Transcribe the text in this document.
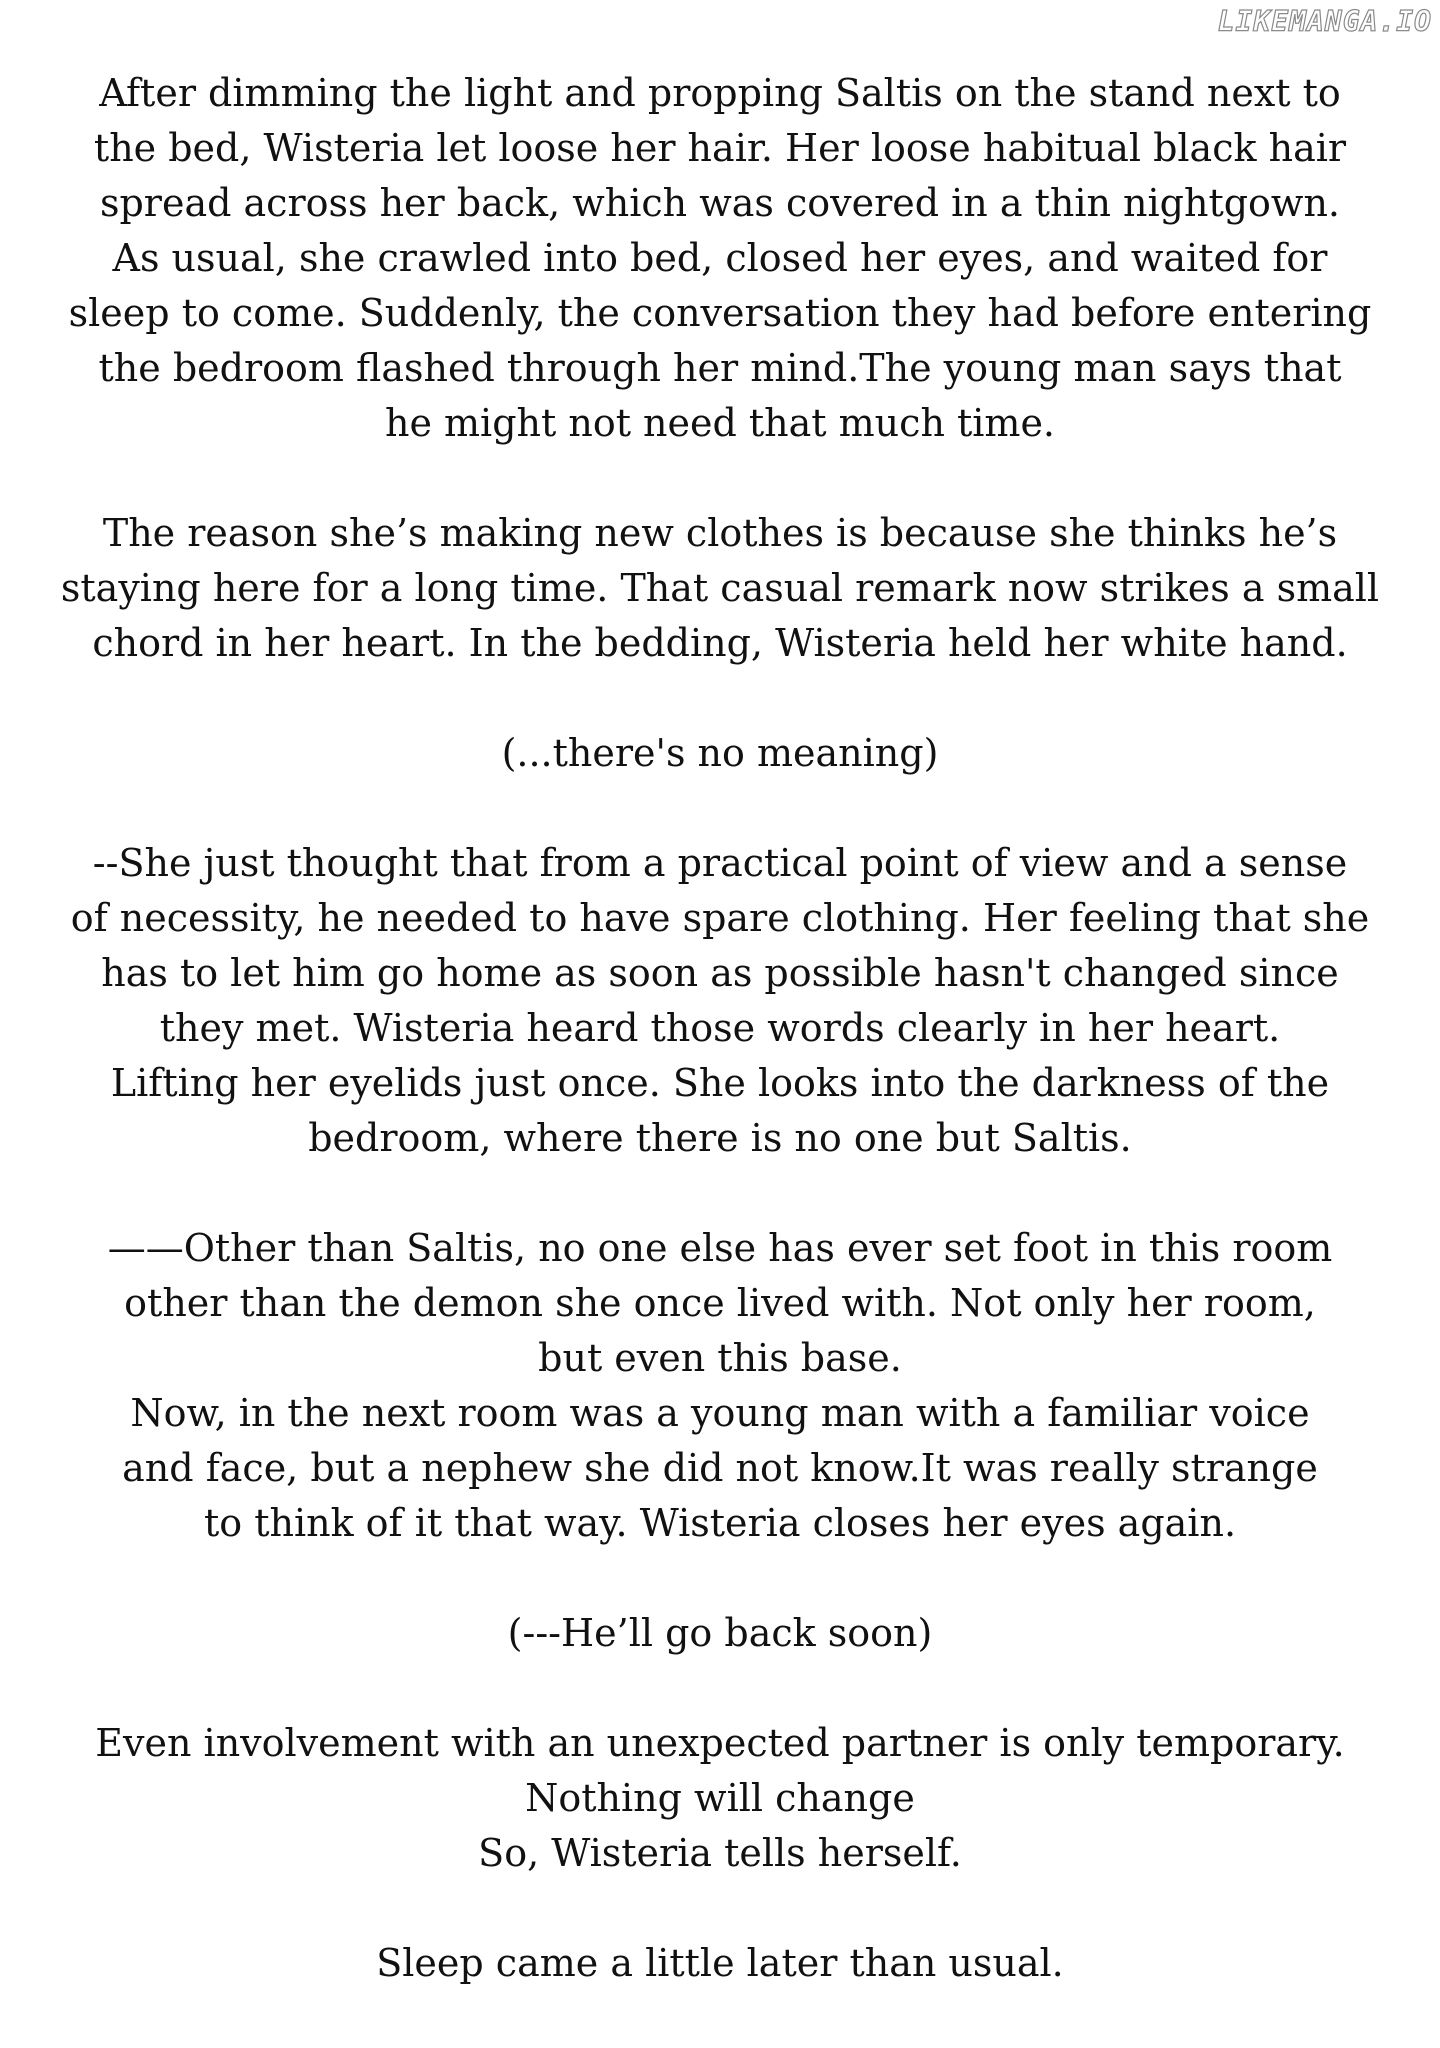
LIKEMANGA.IO

After dimming the light and propping Saltis on the stand next to
the bed, Wisteria let loose her hair. Her loose habitual black hair
spread across her back, which was covered in a thin nightgown.
As usual, she crawled into bed, closed her eyes, and waited for
sleep to come. Suddenly, the conversation they had before entering
the bedroom flashed through her mind.The young man says that
he might not need that much time.

The reason she’s making new clothes is because she thinks he’s
staying here for a long time. That casual remark now strikes a small
chord in her heart. In the bedding, Wisteria held her white hand.

(...there's no meaning)

--She just thought that from a practical point of view and a sense
of necessity, he needed to have spare clothing. Her feeling that she
has to let him go home as soon as possible hasn't changed since
they met. Wisteria heard those words clearly in her heart.
Lifting her eyelids just once. She looks into the darkness of the
bedroom, where there is no one but Saltis.

——Other than Saltis, no one else has ever set foot in this room
other than the demon she once lived with. Not only her room,
but even this base.
Now, in the next room was a young man with a familiar voice
and face, but a nephew she did not know.It was really strange
to think of it that way. Wisteria closes her eyes again.

(---He’ll go back soon)

Even involvement with an unexpected partner is only temporary.
Nothing will change
So, Wisteria tells herself.

Sleep came a little later than usual.
